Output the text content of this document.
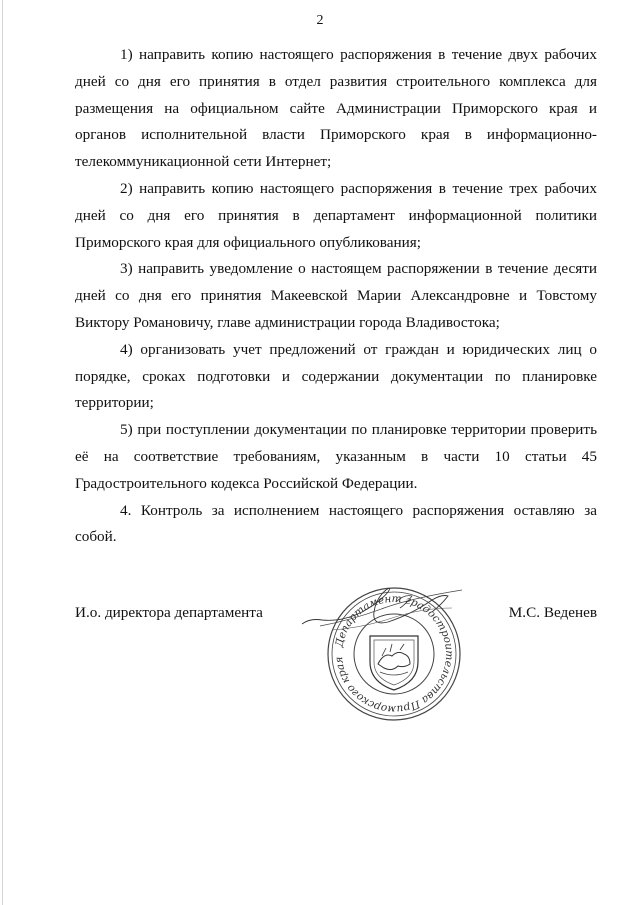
2

1) направить копию настоящего распоряжения в течение двух рабочих дней со дня его принятия в отдел развития строительного комплекса для размещения на официальном сайте Администрации Приморского края и органов исполнительной власти Приморского края в информационно-телекоммуникационной сети Интернет;

2) направить копию настоящего распоряжения в течение трех рабочих дней со дня его принятия в департамент информационной политики Приморского края для официального опубликования;

3) направить уведомление о настоящем распоряжении в течение десяти дней со дня его принятия Макеевской Марии Александровне и Товстому Виктору Романовичу, главе администрации города Владивостока;

4) организовать учет предложений от граждан и юридических лиц о порядке, сроках подготовки и содержании документации по планировке территории;

5) при поступлении документации по планировке территории проверить её на соответствие требованиям, указанным в части 10 статьи 45 Градостроительного кодекса Российской Федерации.

4. Контроль за исполнением настоящего распоряжения оставляю за собой.

И.о. директора департамента	М.С. Веденев
Департамент градостроительства Приморского края
